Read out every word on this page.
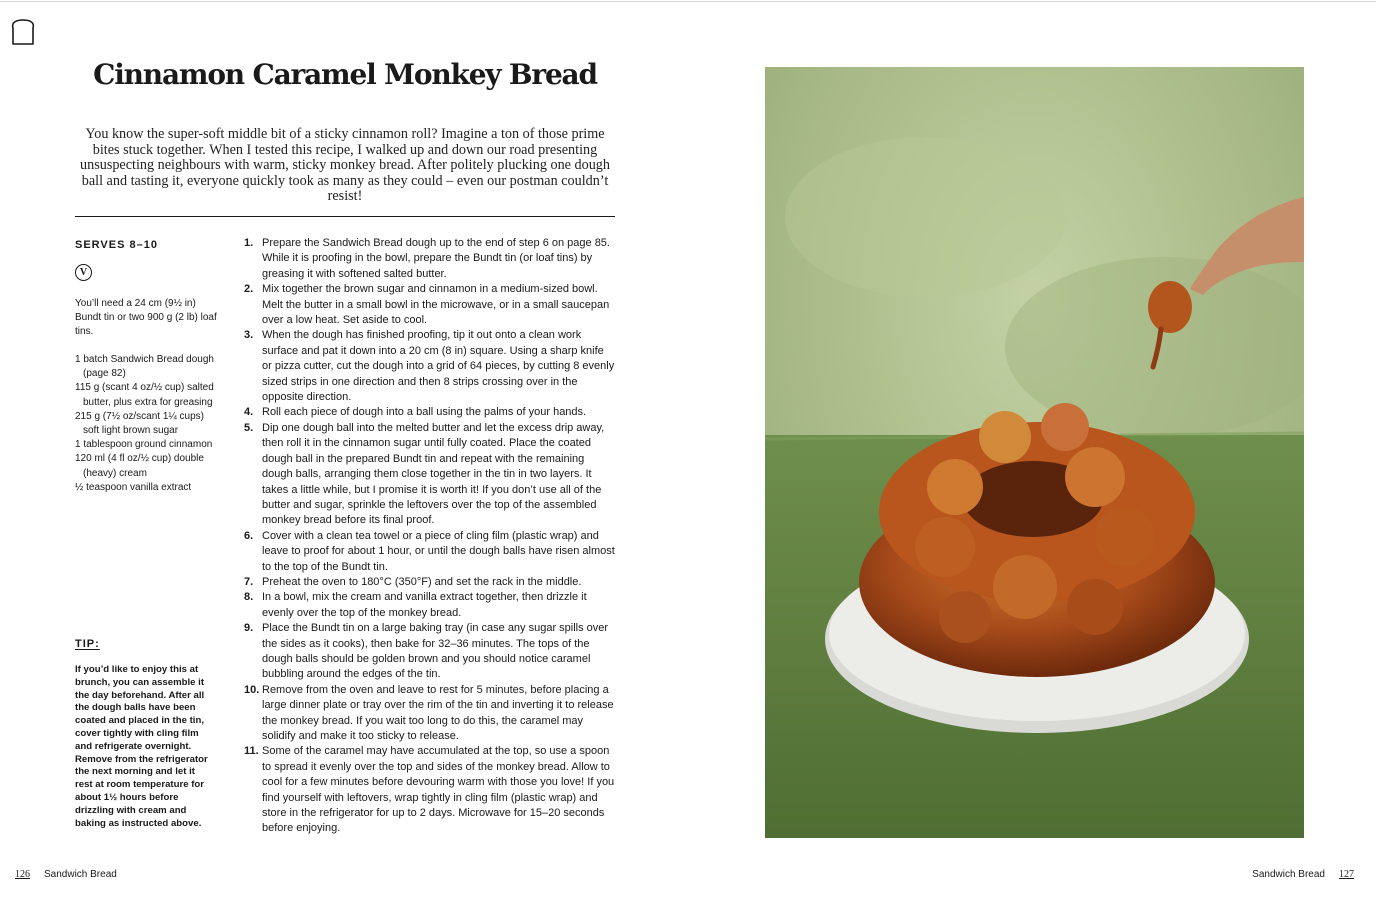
Cinnamon Caramel Monkey Bread

You know the super-soft middle bit of a sticky cinnamon roll? Imagine a ton of those prime bites stuck together. When I tested this recipe, I walked up and down our road presenting unsuspecting neighbours with warm, sticky monkey bread. After politely plucking one dough ball and tasting it, everyone quickly took as many as they could – even our postman couldn’t resist!

SERVES 8–10
V
You’ll need a 24 cm (9½ in) Bundt tin or two 900 g (2 lb) loaf tins.
1 batch Sandwich Bread dough (page 82)
115 g (scant 4 oz/½ cup) salted butter, plus extra for greasing
215 g (7½ oz/scant 1¼ cups) soft light brown sugar
1 tablespoon ground cinnamon
120 ml (4 fl oz/½ cup) double (heavy) cream
½ teaspoon vanilla extract
TIP:
If you’d like to enjoy this at brunch, you can assemble it the day beforehand. After all the dough balls have been coated and placed in the tin, cover tightly with cling film and refrigerate overnight. Remove from the refrigerator the next morning and let it rest at room temperature for about 1½ hours before drizzling with cream and baking as instructed above.
1. Prepare the Sandwich Bread dough up to the end of step 6 on page 85. While it is proofing in the bowl, prepare the Bundt tin (or loaf tins) by greasing it with softened salted butter.
2. Mix together the brown sugar and cinnamon in a medium-sized bowl. Melt the butter in a small bowl in the microwave, or in a small saucepan over a low heat. Set aside to cool.
3. When the dough has finished proofing, tip it out onto a clean work surface and pat it down into a 20 cm (8 in) square. Using a sharp knife or pizza cutter, cut the dough into a grid of 64 pieces, by cutting 8 evenly sized strips in one direction and then 8 strips crossing over in the opposite direction.
4. Roll each piece of dough into a ball using the palms of your hands.
5. Dip one dough ball into the melted butter and let the excess drip away, then roll it in the cinnamon sugar until fully coated. Place the coated dough ball in the prepared Bundt tin and repeat with the remaining dough balls, arranging them close together in the tin in two layers. It takes a little while, but I promise it is worth it! If you don’t use all of the butter and sugar, sprinkle the leftovers over the top of the assembled monkey bread before its final proof.
6. Cover with a clean tea towel or a piece of cling film (plastic wrap) and leave to proof for about 1 hour, or until the dough balls have risen almost to the top of the Bundt tin.
7. Preheat the oven to 180°C (350°F) and set the rack in the middle.
8. In a bowl, mix the cream and vanilla extract together, then drizzle it evenly over the top of the monkey bread.
9. Place the Bundt tin on a large baking tray (in case any sugar spills over the sides as it cooks), then bake for 32–36 minutes. The tops of the dough balls should be golden brown and you should notice caramel bubbling around the edges of the tin.
10. Remove from the oven and leave to rest for 5 minutes, before placing a large dinner plate or tray over the rim of the tin and inverting it to release the monkey bread. If you wait too long to do this, the caramel may solidify and make it too sticky to release.
11. Some of the caramel may have accumulated at the top, so use a spoon to spread it evenly over the top and sides of the monkey bread. Allow to cool for a few minutes before devouring warm with those you love! If you find yourself with leftovers, wrap tightly in cling film (plastic wrap) and store in the refrigerator for up to 2 days. Microwave for 15–20 seconds before enjoying.
126 Sandwich Bread	Sandwich Bread 127
